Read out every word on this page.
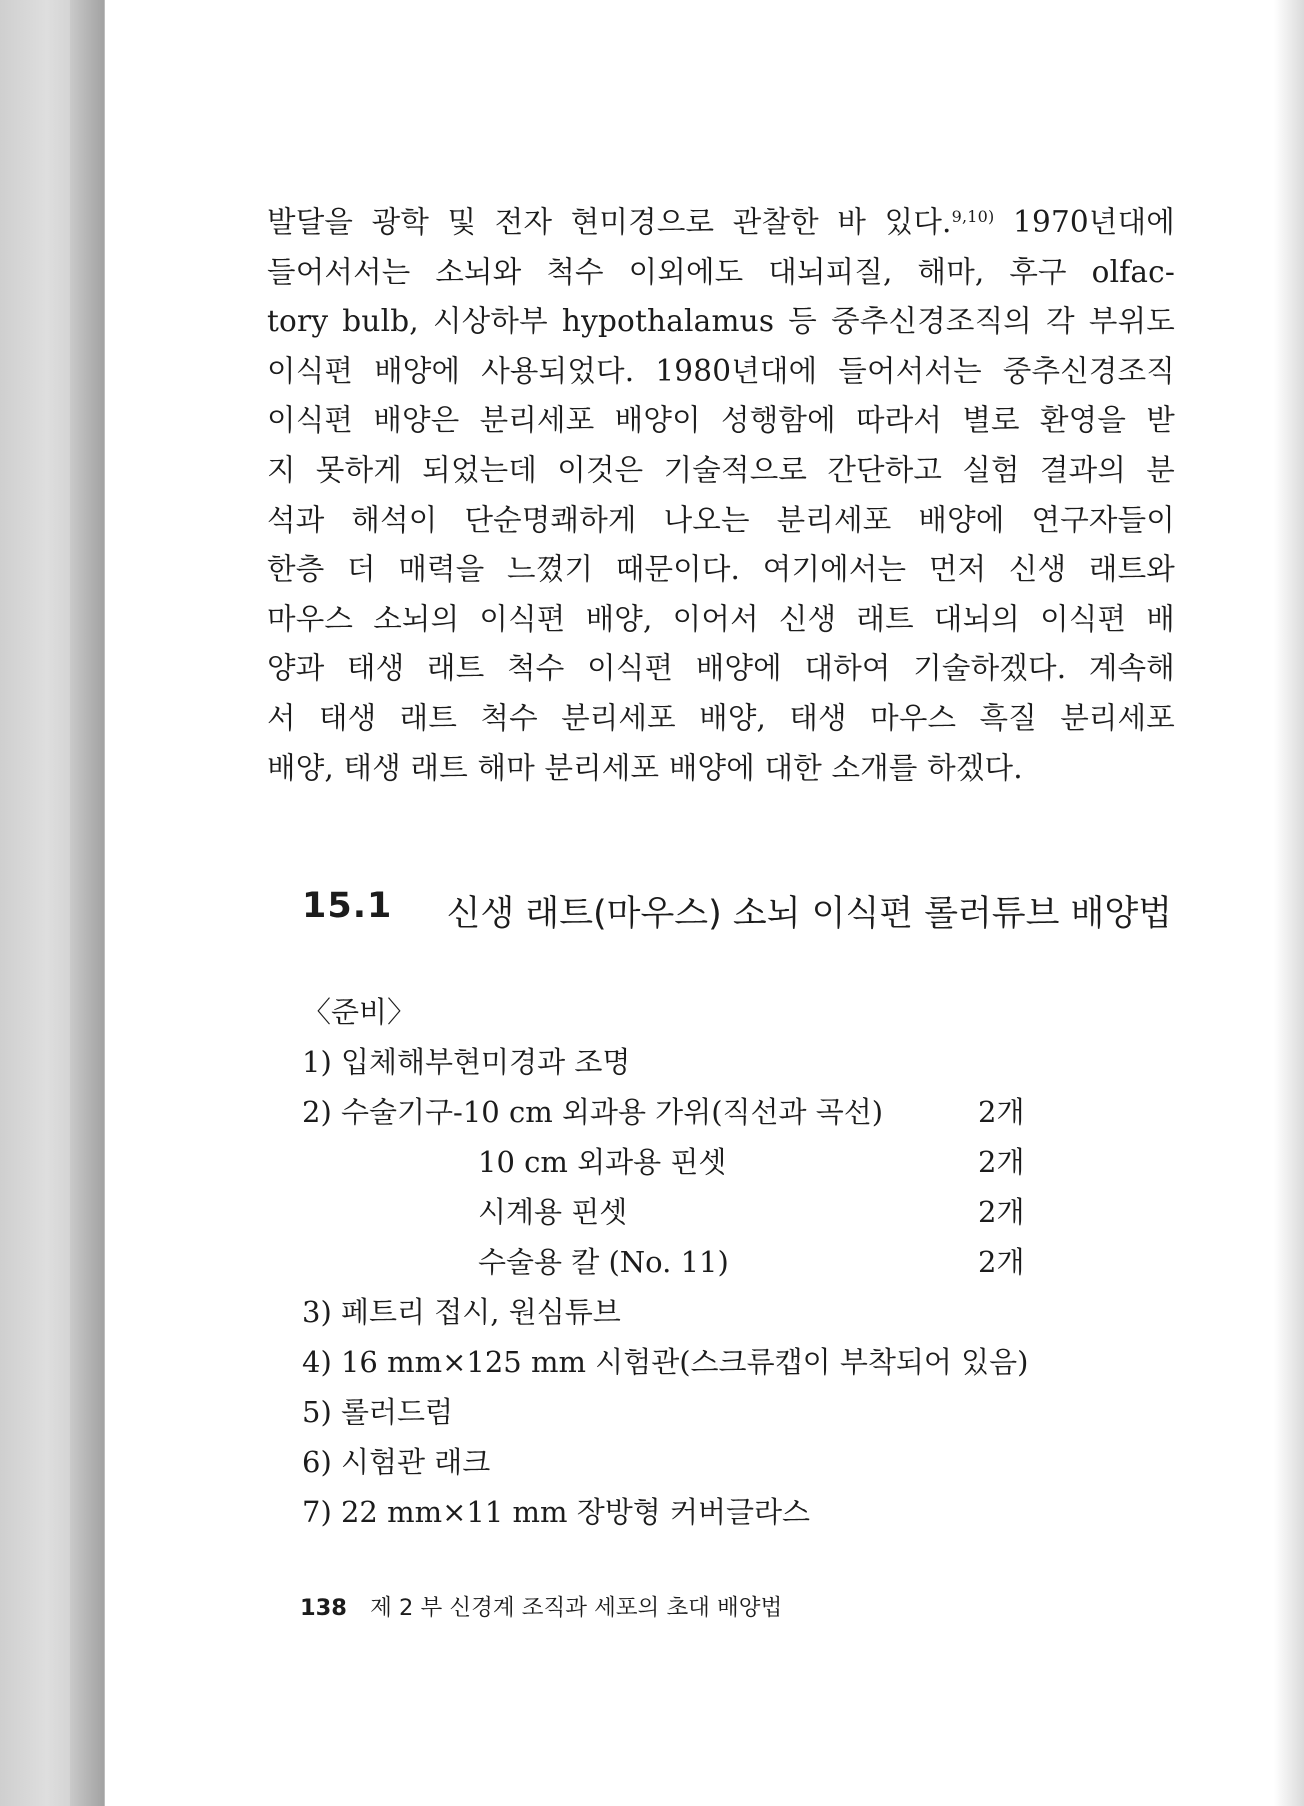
발달을 광학 및 전자 현미경으로 관찰한 바 있다.$^{9,10)}$ 1970년대에
들어서서는 소뇌와 척수 이외에도 대뇌피질, 해마, 후구 olfac-
tory bulb, 시상하부 hypothalamus 등 중추신경조직의 각 부위도
이식편 배양에 사용되었다. 1980년대에 들어서서는 중추신경조직
이식편 배양은 분리세포 배양이 성행함에 따라서 별로 환영을 받
지 못하게 되었는데 이것은 기술적으로 간단하고 실험 결과의 분
석과 해석이 단순명쾌하게 나오는 분리세포 배양에 연구자들이
한층 더 매력을 느꼈기 때문이다. 여기에서는 먼저 신생 래트와
마우스 소뇌의 이식편 배양, 이어서 신생 래트 대뇌의 이식편 배
양과 태생 래트 척수 이식편 배양에 대하여 기술하겠다. 계속해
서 태생 래트 척수 분리세포 배양, 태생 마우스 흑질 분리세포
배양, 태생 래트 해마 분리세포 배양에 대한 소개를 하겠다.
15.1 신생 래트(마우스) 소뇌 이식편 롤러튜브 배양법
〈준비〉
1) 입체해부현미경과 조명
2) 수술기구-10 cm 외과용 가위(직선과 곡선)	2개
10 cm 외과용 핀셋	2개
시계용 핀셋	2개
수술용 칼 (No. 11)	2개
3) 페트리 접시, 원심튜브
4) 16 mm×125 mm 시험관(스크류캡이 부착되어 있음)
5) 롤러드럼
6) 시험관 래크
7) 22 mm×11 mm 장방형 커버글라스
138 제 2 부 신경계 조직과 세포의 초대 배양법
